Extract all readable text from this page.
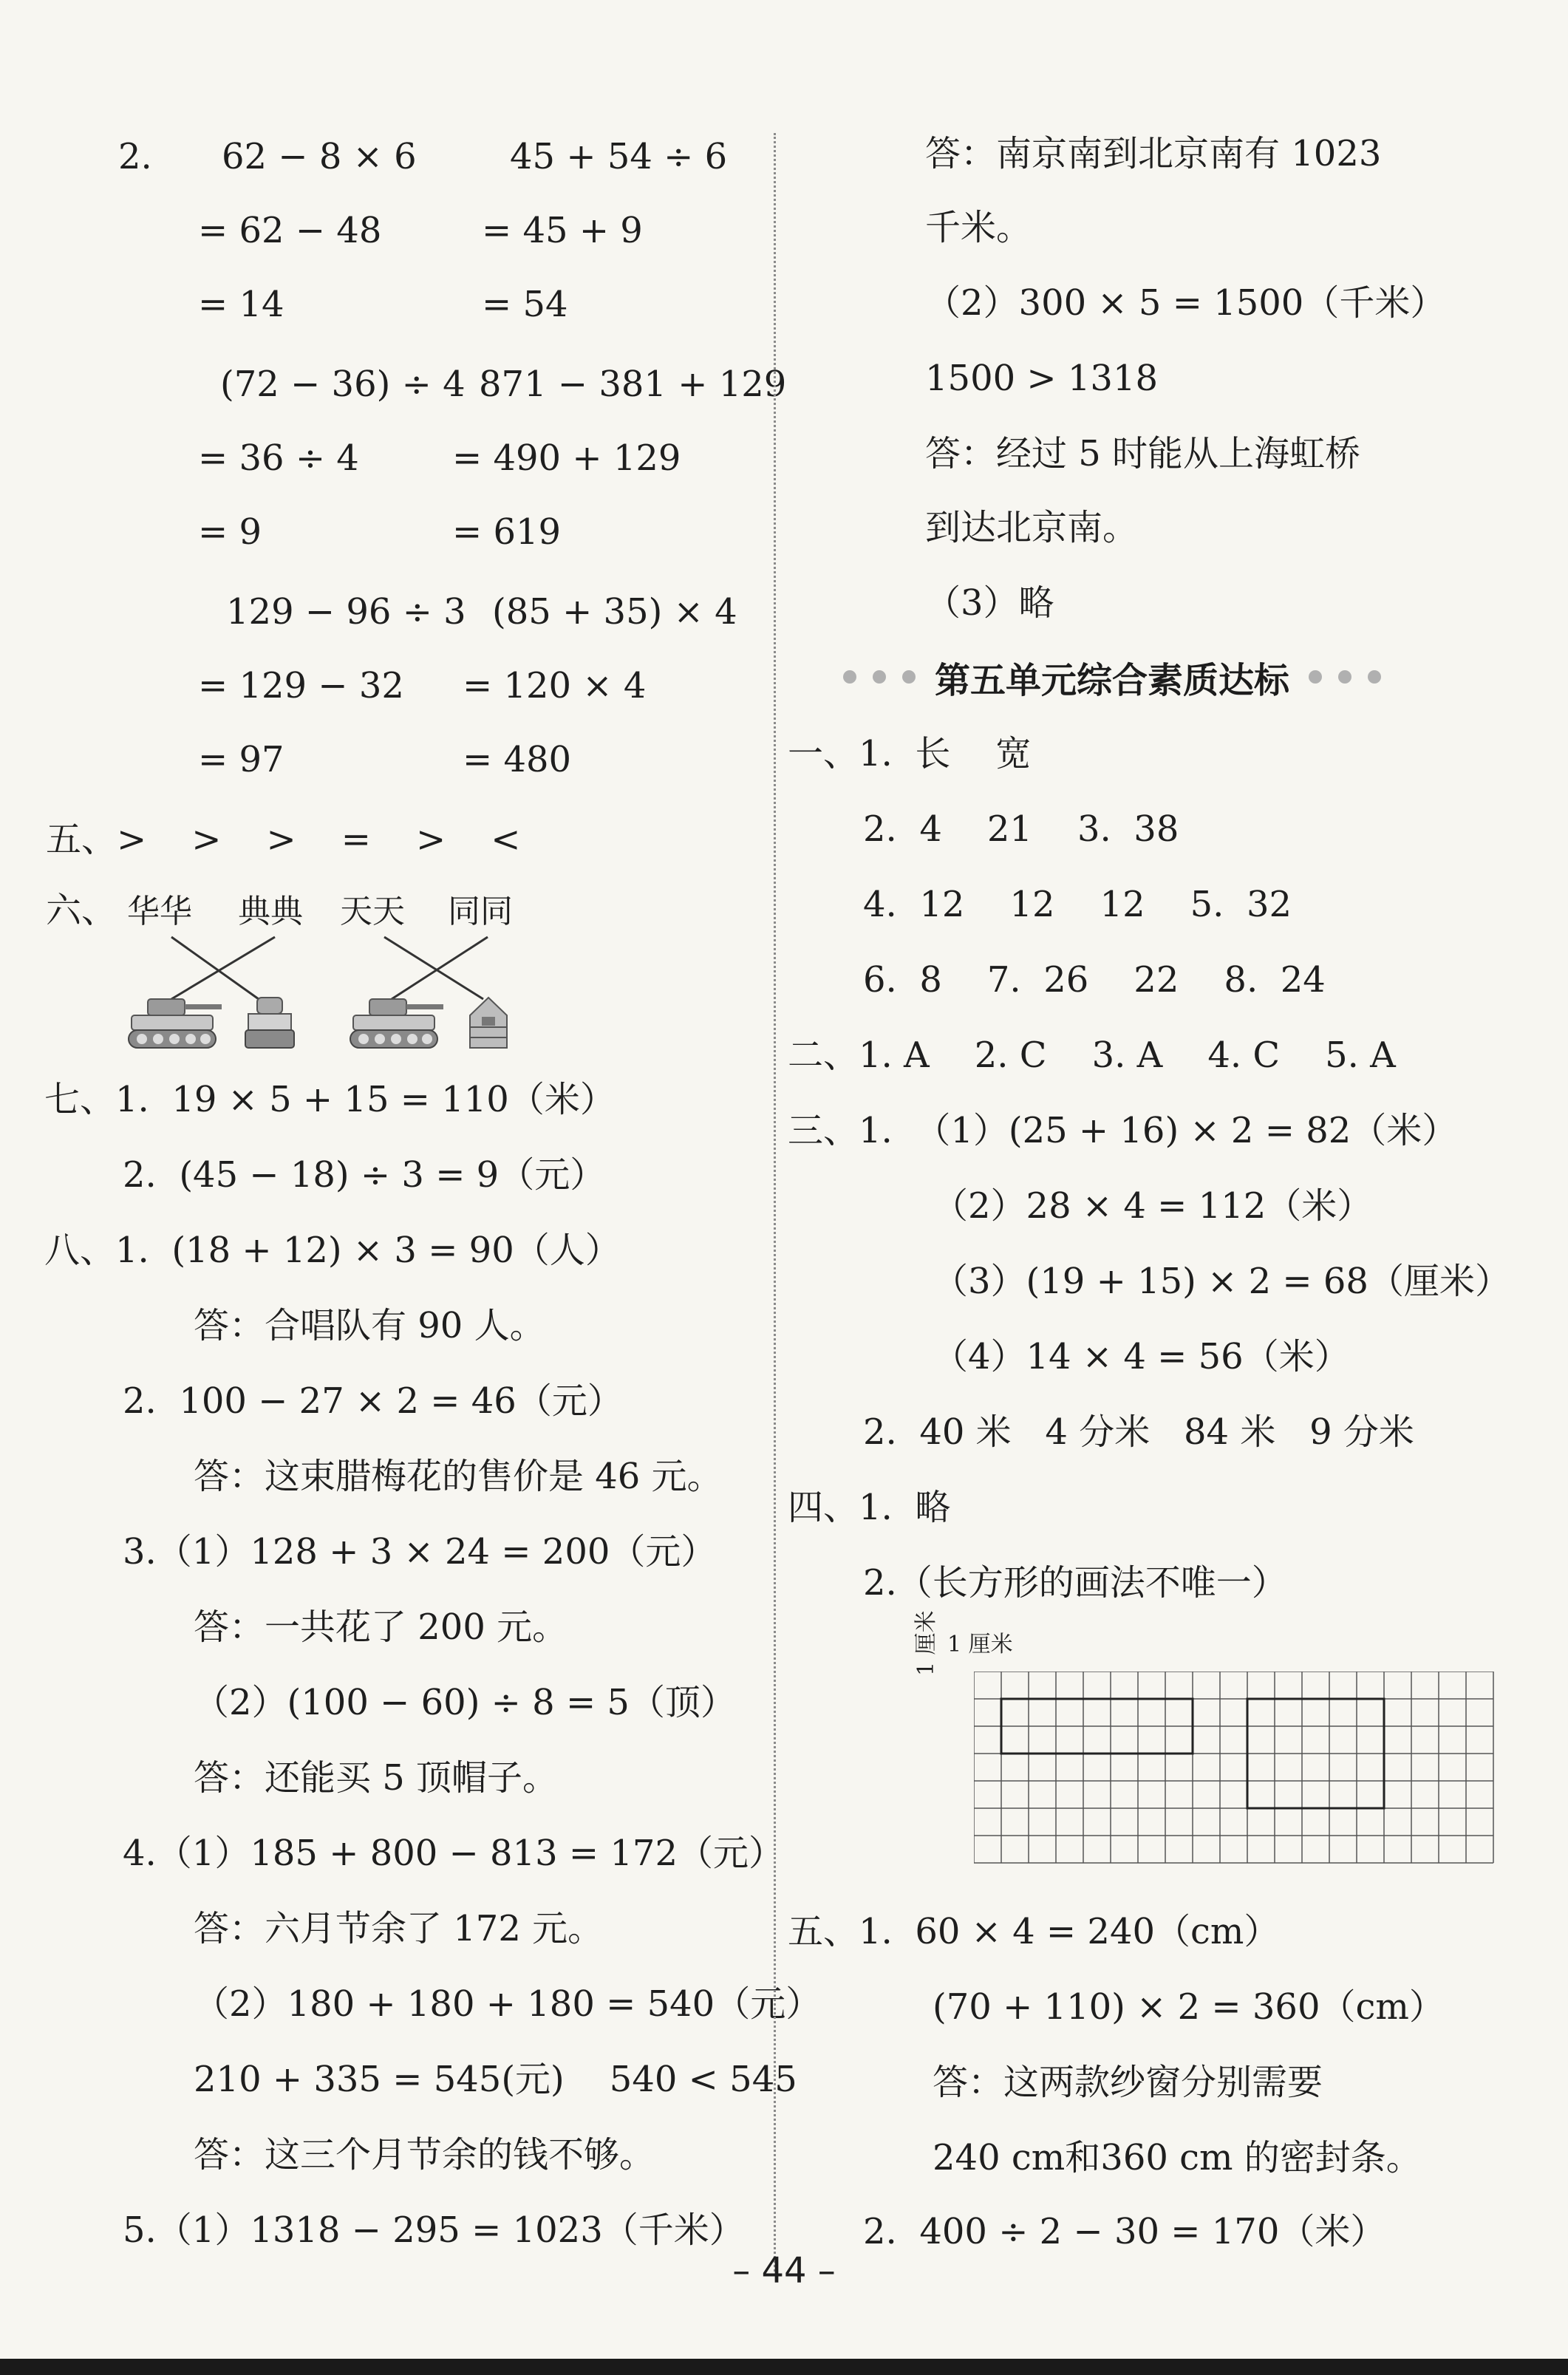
2. 62 − 8 × 6	45 + 54 ÷ 6
= 62 − 48	= 45 + 9
= 14	= 54
(72 − 36) ÷ 4 871 − 381 + 129
= 36 ÷ 4	= 490 + 129
= 9	= 619
129 − 96 ÷ 3 (85 + 35) × 4
= 129 − 32 = 120 × 4
= 97	= 480
五、>    >    >    =    >    <
六、
七、1.  19 × 5 + 15 = 110（米）
2.  (45 − 18) ÷ 3 = 9（元）
八、1.  (18 + 12) × 3 = 90（人）
答：合唱队有 90 人。
2.  100 − 27 × 2 = 46（元）
答：这束腊梅花的售价是 46 元。
3.（1）128 + 3 × 24 = 200（元）
答：一共花了 200 元。
（2）(100 − 60) ÷ 8 = 5（顶）
答：还能买 5 顶帽子。
4.（1）185 + 800 − 813 = 172（元）
答：六月节余了 172 元。
（2）180 + 180 + 180 = 540（元）
210 + 335 = 545(元)    540 < 545
答：这三个月节余的钱不够。
5.（1）1318 − 295 = 1023（千米）
答：南京南到北京南有 1023
千米。
（2）300 × 5 = 1500（千米）
1500 > 1318
答：经过 5 时能从上海虹桥
到达北京南。
（3）略
一、1.  长    宽
2.  4    21    3.  38
4.  12    12    12    5.  32
6.  8    7.  26    22    8.  24
二、1. A    2. C    3. A    4. C    5. A
三、1.  （1）(25 + 16) × 2 = 82（米）
（2）28 × 4 = 112（米）
（3）(19 + 15) × 2 = 68（厘米）
（4）14 × 4 = 56（米）
2.  40 米   4 分米   84 米   9 分米
四、1.  略
2.（长方形的画法不唯一）
五、1.  60 × 4 = 240（cm）
(70 + 110) × 2 = 360（cm）
答：这两款纱窗分别需要
240 cm和360 cm 的密封条。
2.  400 ÷ 2 − 30 = 170（米）
华华 典典 天天 同同
第五单元综合素质达标
1 厘米
1 厘米
– 44 –
